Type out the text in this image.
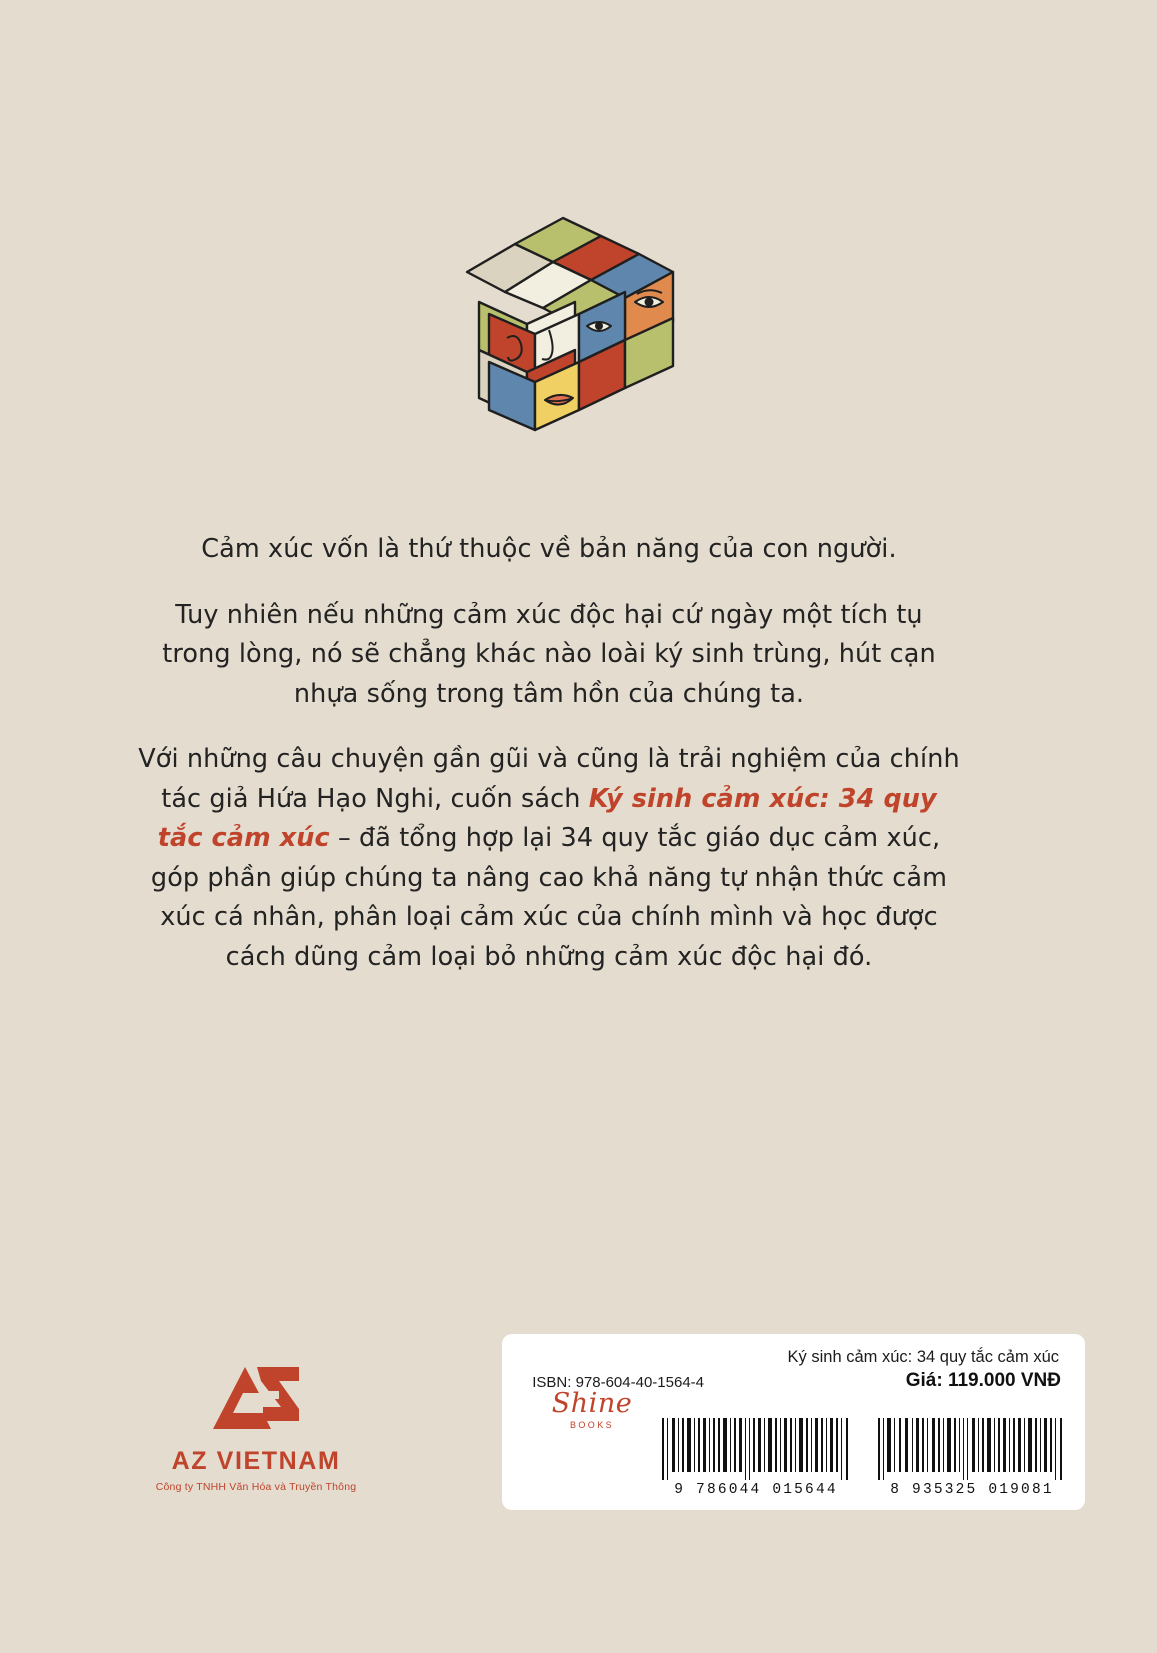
Cảm xúc vốn là thứ thuộc về bản năng của con người.

Tuy nhiên nếu những cảm xúc độc hại cứ ngày một tích tụ trong lòng, nó sẽ chẳng khác nào loài ký sinh trùng, hút cạn nhựa sống trong tâm hồn của chúng ta.

Với những câu chuyện gần gũi và cũng là trải nghiệm của chính tác giả Hứa Hạo Nghi, cuốn sách Ký sinh cảm xúc: 34 quy tắc cảm xúc – đã tổng hợp lại 34 quy tắc giáo dục cảm xúc, góp phần giúp chúng ta nâng cao khả năng tự nhận thức cảm xúc cá nhân, phân loại cảm xúc của chính mình và học được cách dũng cảm loại bỏ những cảm xúc độc hại đó.

AZ VIETNAM
Công ty TNHH Văn Hóa và Truyền Thông
Ký sinh cảm xúc: 34 quy tắc cảm xúc
ISBN: 978-604-40-1564-4	Giá: 119.000 VNĐ
Shine
BOOKS
9 786044 015644	8 935325 019081
